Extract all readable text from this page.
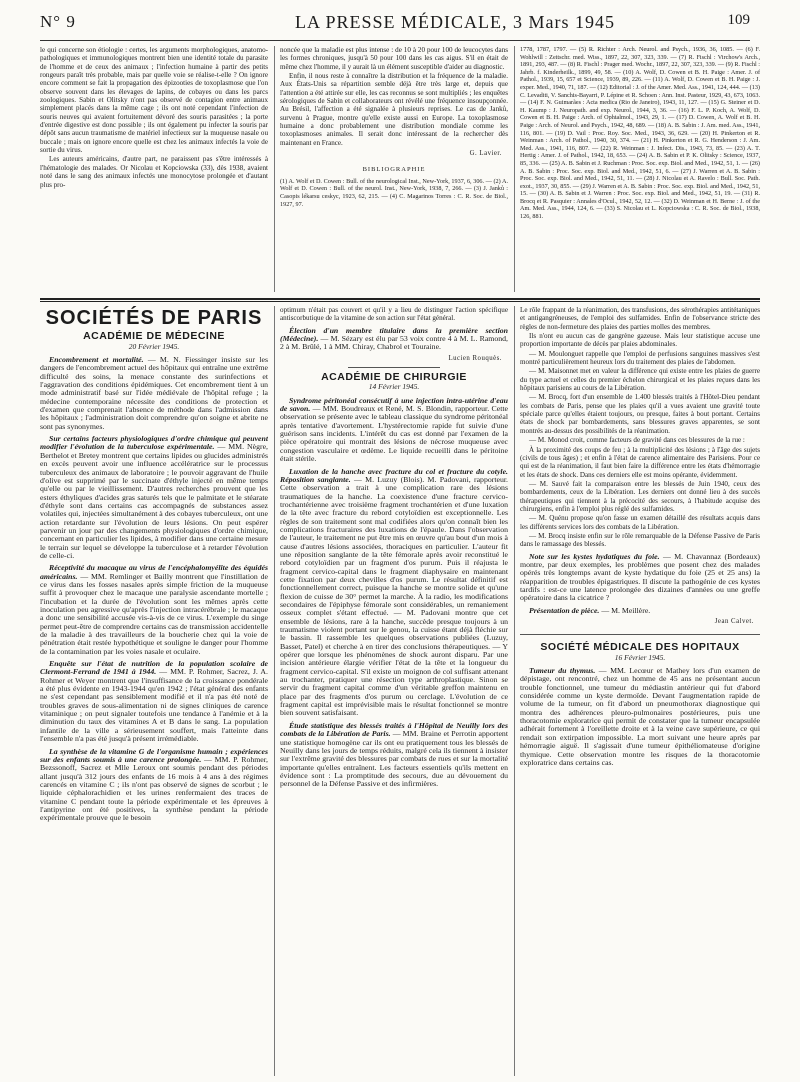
N° 9	LA PRESSE MÉDICALE, 3 Mars 1945	109

le qui concerne son étiologie : certes, les arguments morphologiques, anatomo-pathologiques et immunologiques montrent bien une identité totale du parasite de l'homme et de ceux des animaux ; l'infection humaine à partir des petits rongeurs paraît très probable, mais par quelle voie se réalise-t-elle ? On ignore encore comment se fait la propagation des épizooties de toxoplasmose que l'on observe souvent dans les élevages de lapins, de cobayes ou dans les parcs zoologiques. Sabin et Olitsky n'ont pas observé de contagion entre animaux simplement placés dans la même cage ; ils ont noté cependant l'infection de souris neuves qui avaient fortuitement dévoré des souris parasitées ; la porte d'entrée digestive est donc possible ; ils ont également pu infecter la souris par dépôt sans aucun traumatisme de matériel infectieux sur la muqueuse nasale ou buccale ; mais on ignore encore quelle est chez les animaux infectés la voie de sortie du virus.

Les auteurs américains, d'autre part, ne paraissent pas s'être intéressés à l'hématologie des malades. Or Nicolau et Kopciowska (33), dès 1938, avaient noté dans le sang des animaux infectés une monocytose prolongée et d'autant plus pro-

noncée que la maladie est plus intense : de 10 à 20 pour 100 de leucocytes dans les formes chroniques, jusqu'à 50 pour 100 dans les cas aigus. S'il en était de même chez l'homme, il y aurait là un élément susceptible d'aider au diagnostic.

Enfin, il nous reste à connaître la distribution et la fréquence de la maladie. Aux États-Unis sa répartition semble déjà être très large et, depuis que l'attention a été attirée sur elle, les cas reconnus se sont multipliés ; les enquêtes sérologiques de Sabin et collaborateurs ont révélé une fréquence insoupçonnée. Au Brésil, l'affection a été signalée à plusieurs reprises. Le cas de Janků, survenu à Prague, montre qu'elle existe aussi en Europe. La toxoplasmose humaine a donc probablement une distribution mondiale comme les toxoplasmoses animales. Il serait donc intéressant de la rechercher dès maintenant en France.

G. Lavier.

BIBLIOGRAPHIE

(1) A. Wolf et D. Cowen : Bull. of the neurological Inst., New-York, 1937, 6, 306. — (2) A. Wolf et D. Cowen : Bull. of the neurol. Inst., New-York, 1938, 7, 266. — (3) J. Janků : Casopis lékarsu ceskyc, 1923, 62, 215. — (4) C. Magarinos Torres : C. R. Soc. de Biol., 1927, 97.

1778, 1787, 1797. — (5) R. Richter : Arch. Neurol. and Psych., 1936, 36, 1085. — (6) F. Wohlwill : Zeitschr. med. Wiss., 1897, 22, 307, 323, 339. — (7) R. Fischl : Virchow's Arch., 1891, 293, 487. — (8) R. Fischl : Prager med. Wochr., 1897, 22, 307, 323, 339. — (9) R. Fischl : Jahrb. f. Kinderheilk., 1899, 49, 58. — (10) A. Wolf, D. Cowen et B. H. Paige : Amer. J. of Pathol., 1939, 15, 657 et Science, 1939, 89, 226. — (11) A. Wolf, D. Cowen et B. H. Paige : J. exper. Med., 1940, 71, 187. — (12) Editorial : J. of the Amer. Med. Ass., 1941, 124, 444. — (13) C. Levaditi, V. Sanchis-Bayarri, P. Lépine et R. Schoen : Ann. Inst. Pasteur, 1929, 43, 673, 1063. — (14) F. N. Guimarães : Acta medica (Rio de Janeiro), 1943, 11, 127. — (15) G. Steiner et D. H. Kaump : J. Neuropath. and exp. Neurol., 1944, 3, 36. — (16) F. L. P. Koch, A. Wolf, D. Cowen et B. H. Paige : Arch. of Ophtalmol., 1943, 29, 1. — (17) D. Cowen, A. Wolf et B. H. Paige : Arch. of Neurol. and Psych., 1942, 48, 689. — (18) A. B. Sabin : J. Am. med. Ass., 1941, 116, 801. — (19) D. Vail : Proc. Roy. Soc. Med., 1943, 36, 629. — (20) H. Pinkerton et R. Weinman : Arch. of Pathol., 1940, 30, 374. — (21) H. Pinkerton et R. G. Henderson : J. Am. Med. Ass., 1941, 116, 807. — (22) R. Weinman : J. Infect. Dis., 1943, 73, 85. — (23) A. T. Hertig : Amer. J. of Pathol., 1942, 18, 653. — (24) A. B. Sabin et P. K. Olitsky : Science, 1937, 85, 336. — (25) A. B. Sabin et J. Ruchman : Proc. Soc. exp. Biol. and Med., 1942, 51, 1. — (26) A. B. Sabin : Proc. Soc. exp. Biol. and Med., 1942, 51, 6. — (27) J. Warren et A. B. Sabin : Proc. Soc. exp. Biol. and Med., 1942, 51, 11. — (28) J. Nicolau et A. Ravelo : Bull. Soc. Path. exot., 1937, 30, 855. — (29) J. Warren et A. B. Sabin : Proc. Soc. exp. Biol. and Med., 1942, 51, 15. — (30) A. B. Sabin et J. Warren : Proc. Soc. exp. Biol. and Med., 1942, 51, 19. — (31) R. Brocq et R. Pasquier : Annales d'Ocul., 1942, 52, 12. — (32) D. Weinman et H. Berne : J. of the Am. Med. Ass., 1944, 124, 6. — (33) S. Nicolau et L. Kopciowska : C. R. Soc. de Biol., 1938, 126, 881.

SOCIÉTÉS DE PARIS
ACADÉMIE DE MÉDECINE
20 Février 1945.

Encombrement et mortalité. — M. N. Fiessinger insiste sur les dangers de l'encombrement actuel des hôpitaux qui entraîne une extrême difficulté des soins, la menace constante des surinfections et l'aggravation des conditions épidémiques. Cet encombrement tient à un mode administratif basé sur l'idée médiévale de l'hôpital refuge ; la médecine contemporaine nécessite des conditions de protection et d'examen que comprenait l'absence de méthode dans l'admission dans les hôpitaux ; l'administration doit comprendre qu'on soigne et abrite ne sont pas synonymes.

Sur certains facteurs physiologiques d'ordre chimique qui peuvent modifier l'évolution de la tuberculose expérimentale. — MM. Nègre, Berthelot et Bretey montrent que certains lipides ou glucides administrés en excès peuvent avoir une influence accélératrice sur le processus tuberculeux des animaux de laboratoire ; le pouvoir aggravant de l'huile d'olive est supprimé par le succinate d'éthyle injecté en même temps qu'elle ou par le vieillissement. D'autres recherches prouvent que les esters éthyliques d'acides gras saturés tels que le palmitate et le stéarate d'éthyle sont dans certains cas accompagnés de substances assez volatiles qui, injectées simultanément à des cobayes tuberculeux, ont une action retardante sur l'évolution de leurs lésions. On peut espérer parvenir un jour par des changements physiologiques d'ordre chimique, concernant en particulier les lipides, à modifier dans une certaine mesure le terrain sur lequel se développe la tuberculose et à retarder l'évolution de celle-ci.

Réceptivité du macaque au virus de l'encéphalomyélite des équidés américains. — MM. Remlinger et Bailly montrent que l'instillation de ce virus dans les fosses nasales après simple friction de la muqueuse suffit à provoquer chez le macaque une paralysie ascendante mortelle ; l'incubation et la durée de l'évolution sont les mêmes après cette inoculation peu agressive qu'après l'injection intracérébrale ; le macaque a donc une sensibilité accusée vis-à-vis de ce virus. L'exemple du singe permet peut-être de comprendre certains cas de transmission accidentelle de la maladie à des travailleurs de la boucherie chez qui la voie de pénétration était restée hypothétique et souligne le danger pour l'homme de la contamination par les voies nasale et oculaire.

Enquête sur l'état de nutrition de la population scolaire de Clermont-Ferrand de 1941 à 1944. — MM. P. Rohmer, Sacrez, J. A. Rohmer et Weyer montrent que l'insuffisance de la croissance pondérale a été plus évidente en 1943-1944 qu'en 1942 ; l'état général des enfants ne s'est cependant pas sensiblement modifié et il n'a pas été noté de troubles graves de sous-alimentation ni de signes cliniques de carence vitaminique ; on peut signaler toutefois une tendance à l'anémie et à la diminution du taux des vitamines A et B dans le sang. La population infantile de la ville a sérieusement souffert, mais l'atteinte dans l'ensemble n'a pas été jusqu'à présent irrémédiable.

La synthèse de la vitamine G de l'organisme humain ; expériences sur des enfants soumis à une carence prolongée. — MM. P. Rohmer, Bezssonoff, Sacrez et Mlle Leroux ont soumis pendant des périodes allant jusqu'à 312 jours des enfants de 16 mois à 4 ans à des régimes carencés en vitamine C ; ils n'ont pas observé de signes de scorbut ; le liquide céphalorachidien et les urines renfermaient des traces de vitamine C pendant toute la période expérimentale et les épreuves à l'antipyrine ont été positives, la synthèse pendant la période expérimentale prouve que le besoin

optimum n'était pas couvert et qu'il y a lieu de distinguer l'action spécifique antiscorbutique de la vitamine de son action sur l'état général.

Élection d'un membre titulaire dans la première section (Médecine). — M. Sézary est élu par 53 voix contre 4 à M. L. Ramond, 2 à M. Brûlé, 1 à MM. Chiray, Chabrol et Touraine.

Lucien Rouquès.

ACADÉMIE DE CHIRURGIE
14 Février 1945.

Syndrome péritonéal consécutif à une injection intra-utérine d'eau de savon. — MM. Boudreaux et René, M. S. Blondin, rapporteur. Cette observation se présente avec le tableau classique du syndrome péritonéal après tentative d'avortement. L'hystérectomie rapide fut suivie d'une guérison sans incidents. L'intérêt du cas est donné par l'examen de la pièce opératoire qui montrait des lésions de nécrose muqueuse avec congestion vasculaire et œdème. Le liquide recueilli dans le péritoine était stérile.

Luxation de la hanche avec fracture du col et fracture du cotyle. Réposition sanglante. — M. Luzuy (Blois). M. Padovani, rapporteur. Cette observation a trait à une complication rare des lésions traumatiques de la hanche. La coexistence d'une fracture cervico-trochantérienne avec troisième fragment trochantérien et d'une luxation de la tête avec fracture du rebord cotyloïdien est exceptionnelle. Les règles de son traitement sont mal codifiées alors qu'on connaît bien les complications fracturaires des luxations de l'épaule. Dans l'observation de l'auteur, le traitement ne put être mis en œuvre qu'au bout d'un mois à cause d'autres lésions associées, thoraciques en particulier. L'auteur fit une réposition sanglante de la tête fémorale après avoir reconstitué le rebord cotyloïdien par un fragment d'os purum. Puis il réajusta le fragment cervico-capital dans le fragment diaphysaire en maintenant cette fixation par deux chevilles d'os purum. Le résultat définitif est fonctionnellement correct, puisque la hanche se montre solide et qu'une flexion de cuisse de 30° permet la marche. À la radio, les modifications secondaires de l'épiphyse fémorale sont considérables, un remaniement osseux complet s'étant effectué. — M. Padovani montre que cet ensemble de lésions, rare à la hanche, succède presque toujours à un traumatisme violent portant sur le genou, la cuisse étant déjà fléchie sur le bassin. Il rassemble les quelques observations publiées (Luzuy, Basset, Patel) et cherche à en tirer des conclusions thérapeutiques. — Y opérer que lorsque les phénomènes de shock auront disparu. Par une incision antérieure élargie vérifier l'état de la tête et la longueur du fragment cervico-capital. S'il existe un moignon de col suffisant attenant au trochanter, pratiquer une résection type arthroplastique. Sinon se servir du fragment capital comme d'un véritable greffon maintenu en place par des fragments d'os purum ou cerclage. L'évolution de ce fragment capital est imprévisible mais le résultat fonctionnel se montre bien souvent satisfaisant.

Étude statistique des blessés traités à l'Hôpital de Neuilly lors des combats de la Libération de Paris. — MM. Braine et Perrotin apportent une statistique homogène car ils ont eu pratiquement tous les blessés de Neuilly dans les jours de temps réduits, malgré cela ils tiennent à insister sur l'extrême gravité des blessures par combats de rues et sur la mortalité importante qu'elles entraînent. Les facteurs essentiels qu'ils mettent en évidence sont : La promptitude des secours, due au dévouement du personnel de la Défense Passive et des infirmières.

Le rôle frappant de la réanimation, des transfusions, des sérothérapies antitétaniques et antigangréneuses, de l'emploi des sulfamides. Enfin de l'observance stricte des règles de non-fermeture des plaies des parties molles des membres.

Ils n'ont eu aucun cas de gangrène gazeuse. Mais leur statistique accuse une proportion importante de décès par plaies abdominales.

— M. Moulonguet rappelle que l'emploi de perfusions sanguines massives s'est montré particulièrement heureux lors du traitement des plaies de l'abdomen.

— M. Maisonnet met en valeur la différence qui existe entre les plaies de guerre du type actuel et celles du premier échelon chirurgical et les plaies reçues dans les hôpitaux parisiens au cours de la Libération.

— M. Brocq, fort d'un ensemble de 1.400 blessés traités à l'Hôtel-Dieu pendant les combats de Paris, pense que les plaies qu'il a vues avaient une gravité toute spéciale parce qu'elles étaient toujours, ou presque, faites à bout portant. Certains états de shock par bombardements, sans blessures graves apparentes, se sont montrés au-dessus des possibilités de la réanimation.

— M. Monod croit, comme facteurs de gravité dans ces blessures de la rue :

À la proximité des coups de feu ; à la multiplicité des lésions ; à l'âge des sujets (civils de tous âges) ; et enfin à l'état de carence alimentaire des Parisiens. Pour ce qui est de la réanimation, il faut bien faire la différence entre les états d'hémorragie et les états de shock. Dans ces derniers elle est moins opérante, évidemment.

— M. Sauvé fait la comparaison entre les blessés de Juin 1940, ceux des bombardements, ceux de la Libération. Les derniers ont donné lieu à des succès thérapeutiques qui tiennent à la précocité des secours, à l'habitude acquise des chirurgiens, enfin à l'emploi plus réglé des sulfamides.

— M. Quénu propose qu'on fasse un examen détaillé des résultats acquis dans les différents services lors des combats de la Libération.

— M. Brocq insiste enfin sur le rôle remarquable de la Défense Passive de Paris dans le ramassage des blessés.

Note sur les kystes hydatiques du foie. — M. Chavannaz (Bordeaux) montre, par deux exemples, les problèmes que posent chez des malades opérés très longtemps avant de kyste hydatique du foie (25 et 25 ans) la réapparition de troubles épigastriques. Il discute la pathogénie de ces kystes tardifs : est-ce une latence prolongée des dizaines d'années ou une greffe opératoire dans la cicatrice ?

Présentation de pièce. — M. Meillère.

Jean Calvet.

SOCIÉTÉ MÉDICALE DES HOPITAUX
16 Février 1945.

Tumeur du thymus. — MM. Lecœur et Mathey lors d'un examen de dépistage, ont rencontré, chez un homme de 45 ans ne présentant aucun trouble fonctionnel, une tumeur du médiastin antérieur qui fut d'abord considérée comme un kyste dermoïde. Devant l'augmentation rapide de volume de la tumeur, on fit d'abord un pneumothorax diagnostique qui montra des adhérences pleuro-pulmonaires postérieures, puis une thoracotomie exploratrice qui permit de constater que la tumeur encapsulée adhérait fortement à l'oreillette droite et à la veine cave supérieure, ce qui rendait son extirpation impossible. La mort suivant une heure après par hémorragie aiguë. Il s'agissait d'une tumeur épithéliomateuse d'origine thymique. Cette observation montre les risques de la thoracotomie exploratrice dans certains cas.
